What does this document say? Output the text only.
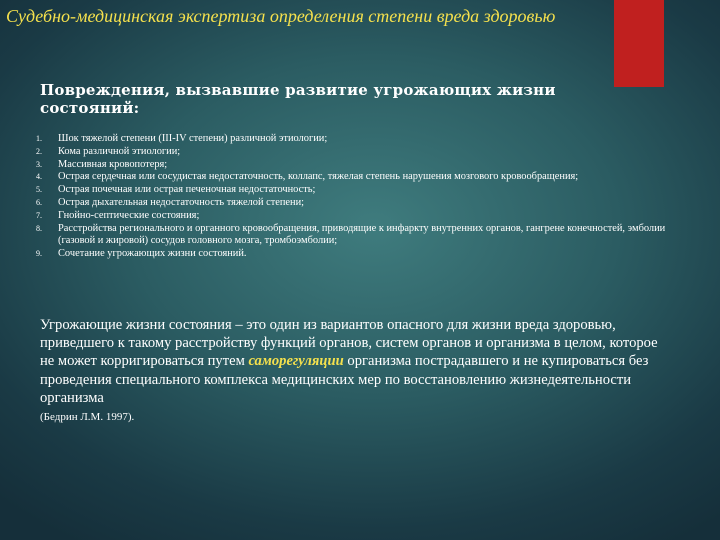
Судебно-медицинская экспертиза определения степени вреда здоровью
Повреждения, вызвавшие развитие угрожающих жизни состояний:
1.	Шок тяжелой степени (III-IV степени) различной этиологии;
2.	Кома различной этиологии;
3.	Массивная кровопотеря;
4.	Острая сердечная или сосудистая недостаточность, коллапс, тяжелая степень нарушения мозгового кровообращения;
5.	Острая почечная или острая печеночная недостаточность;
6.	Острая дыхательная недостаточность тяжелой степени;
7.	Гнойно-септические состояния;
8.	Расстройства регионального и органного кровообращения, приводящие к инфаркту внутренних органов, гангрене конечностей, эмболии (газовой и жировой) сосудов головного мозга, тромбоэмболии;
9.	Сочетание угрожающих жизни состояний.
Угрожающие жизни состояния – это один из вариантов опасного для жизни вреда здоровью, приведшего к такому расстройству функций органов, систем органов и организма в целом, которое не может корригироваться путем саморегуляции организма пострадавшего и не купироваться без проведения специального комплекса медицинских мер по восстановлению жизнедеятельности организма
(Бедрин Л.М. 1997).
